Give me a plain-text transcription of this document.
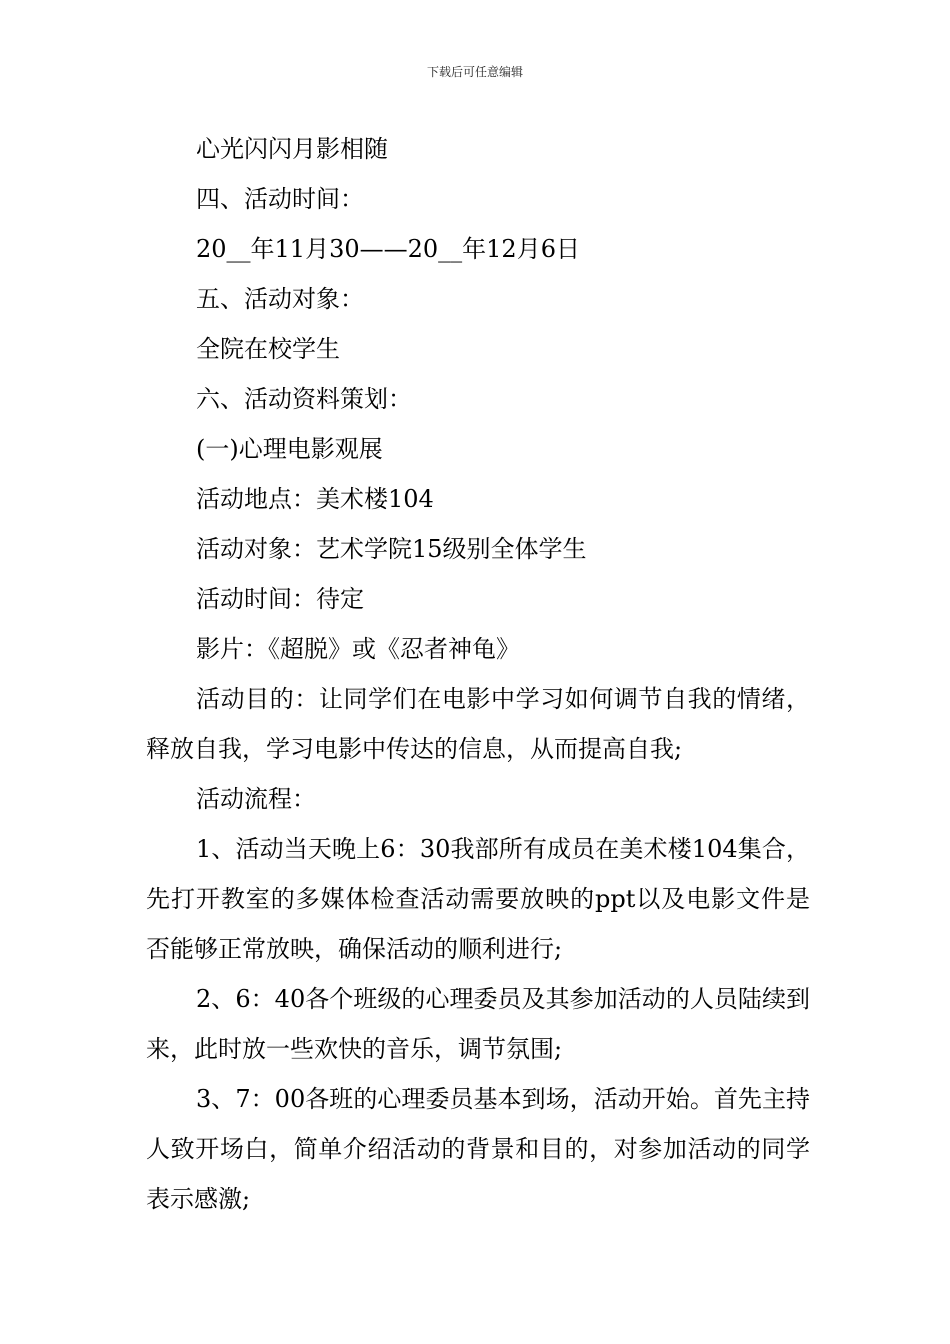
下载后可任意编辑

心光闪闪月影相随

四、活动时间：

20__年11月30——20__年12月6日

五、活动对象：

全院在校学生

六、活动资料策划：

(一)心理电影观展

活动地点：美术楼104

活动对象：艺术学院15级别全体学生

活动时间：待定

影片：《超脱》或《忍者神龟》

活动目的：让同学们在电影中学习如何调节自我的情绪，释放自我，学习电影中传达的信息，从而提高自我;

活动流程：

1、活动当天晚上6：30我部所有成员在美术楼104集合，先打开教室的多媒体检查活动需要放映的ppt以及电影文件是否能够正常放映，确保活动的顺利进行;

2、6：40各个班级的心理委员及其参加活动的人员陆续到来，此时放一些欢快的音乐，调节氛围;

3、7：00各班的心理委员基本到场，活动开始。首先主持人致开场白，简单介绍活动的背景和目的，对参加活动的同学表示感激;
